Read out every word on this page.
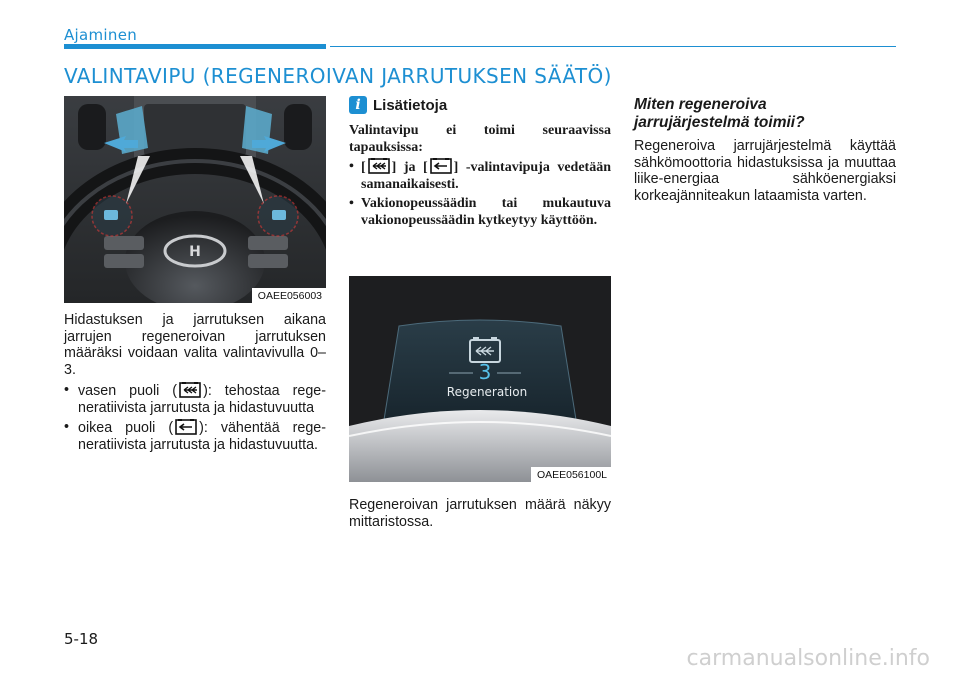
Ajaminen
VALINTAVIPU (REGENEROIVAN JARRUTUKSEN SÄÄTÖ)
H
OAEE056003
Hidastuksen ja jarrutuksen aikana jarrujen regeneroivan jarrutuksen määräksi voidaan valita valintavivulla 0–3.
• vasen puoli ( ): tehostaa regeneratiivista jarrutusta ja hidastuvuutta
• oikea puoli ( ): vähentää regeneratiivista jarrutusta ja hidastuvuutta.
i Lisätietoja
Valintavipu ei toimi seuraavissa tapauksissa:
• [ ] ja [ ] -valintavipuja vedetään samanaikaisesti.
• Vakionopeussäädin tai mukautuva vakionopeussäädin kytkeytyy käyttöön.
3
Regeneration
OAEE056100L
Regeneroivan jarrutuksen määrä näkyy mittaristossa.
Miten regeneroiva jarrujärjestelmä toimii?
Regeneroiva jarrujärjestelmä käyttää sähkömoottoria hidastuksissa ja muuttaa liike-energiaa sähköenergiaksi korkeajänniteakun lataamista varten.
5-18
carmanualsonline.info
